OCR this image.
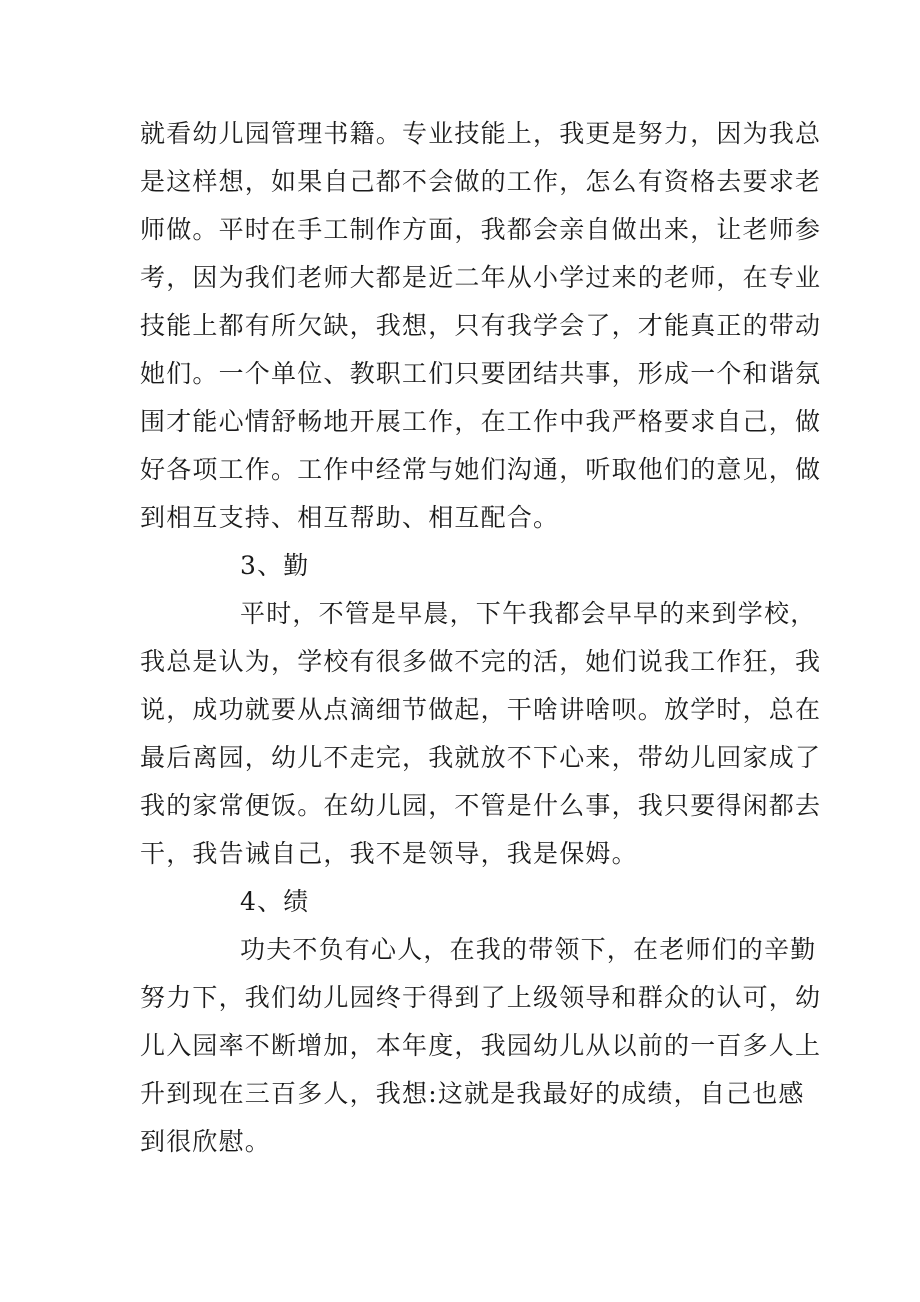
就看幼儿园管理书籍。专业技能上，我更是努力，因为我总
是这样想，如果自己都不会做的工作，怎么有资格去要求老
师做。平时在手工制作方面，我都会亲自做出来，让老师参
考，因为我们老师大都是近二年从小学过来的老师，在专业
技能上都有所欠缺，我想，只有我学会了，才能真正的带动
她们。一个单位、教职工们只要团结共事，形成一个和谐氛
围才能心情舒畅地开展工作，在工作中我严格要求自己，做
好各项工作。工作中经常与她们沟通，听取他们的意见，做
到相互支持、相互帮助、相互配合。
3、勤
平时，不管是早晨，下午我都会早早的来到学校，
我总是认为，学校有很多做不完的活，她们说我工作狂，我
说，成功就要从点滴细节做起，干啥讲啥呗。放学时，总在
最后离园，幼儿不走完，我就放不下心来，带幼儿回家成了
我的家常便饭。在幼儿园，不管是什么事，我只要得闲都去
干，我告诫自己，我不是领导，我是保姆。
4、绩
功夫不负有心人，在我的带领下，在老师们的辛勤
努力下，我们幼儿园终于得到了上级领导和群众的认可，幼
儿入园率不断增加，本年度，我园幼儿从以前的一百多人上
升到现在三百多人，我想:这就是我最好的成绩，自己也感
到很欣慰。
